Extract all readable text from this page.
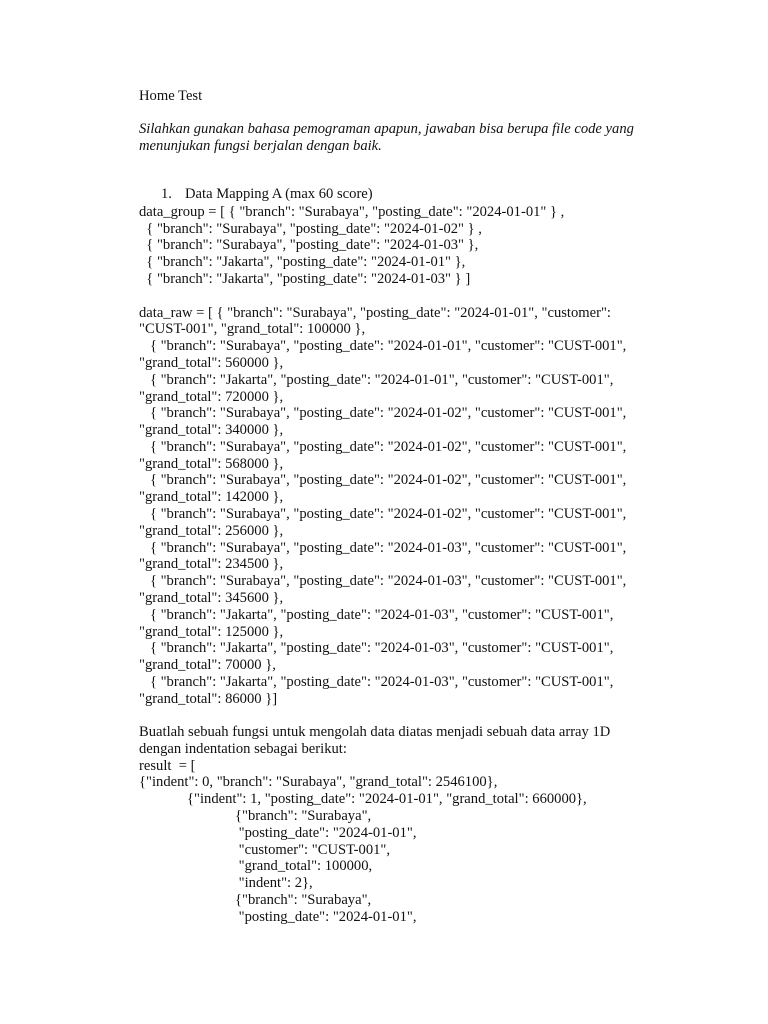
Home Test
Silahkan gunakan bahasa pemograman apapun, jawaban bisa berupa file code yang
menunjukan fungsi berjalan dengan baik.
1. Data Mapping A (max 60 score)
data_group = [ { "branch": "Surabaya", "posting_date": "2024-01-01" } ,
{ "branch": "Surabaya", "posting_date": "2024-01-02" } ,
{ "branch": "Surabaya", "posting_date": "2024-01-03" },
{ "branch": "Jakarta", "posting_date": "2024-01-01" },
{ "branch": "Jakarta", "posting_date": "2024-01-03" } ]
data_raw = [ { "branch": "Surabaya", "posting_date": "2024-01-01", "customer":
"CUST-001", "grand_total": 100000 },
{ "branch": "Surabaya", "posting_date": "2024-01-01", "customer": "CUST-001",
"grand_total": 560000 },
{ "branch": "Jakarta", "posting_date": "2024-01-01", "customer": "CUST-001",
"grand_total": 720000 },
{ "branch": "Surabaya", "posting_date": "2024-01-02", "customer": "CUST-001",
"grand_total": 340000 },
{ "branch": "Surabaya", "posting_date": "2024-01-02", "customer": "CUST-001",
"grand_total": 568000 },
{ "branch": "Surabaya", "posting_date": "2024-01-02", "customer": "CUST-001",
"grand_total": 142000 },
{ "branch": "Surabaya", "posting_date": "2024-01-02", "customer": "CUST-001",
"grand_total": 256000 },
{ "branch": "Surabaya", "posting_date": "2024-01-03", "customer": "CUST-001",
"grand_total": 234500 },
{ "branch": "Surabaya", "posting_date": "2024-01-03", "customer": "CUST-001",
"grand_total": 345600 },
{ "branch": "Jakarta", "posting_date": "2024-01-03", "customer": "CUST-001",
"grand_total": 125000 },
{ "branch": "Jakarta", "posting_date": "2024-01-03", "customer": "CUST-001",
"grand_total": 70000 },
{ "branch": "Jakarta", "posting_date": "2024-01-03", "customer": "CUST-001",
"grand_total": 86000 }]
Buatlah sebuah fungsi untuk mengolah data diatas menjadi sebuah data array 1D
dengan indentation sebagai berikut:
result  = [
{"indent": 0, "branch": "Surabaya", "grand_total": 2546100},
{"indent": 1, "posting_date": "2024-01-01", "grand_total": 660000},
{"branch": "Surabaya",
"posting_date": "2024-01-01",
"customer": "CUST-001",
"grand_total": 100000,
"indent": 2},
{"branch": "Surabaya",
"posting_date": "2024-01-01",
